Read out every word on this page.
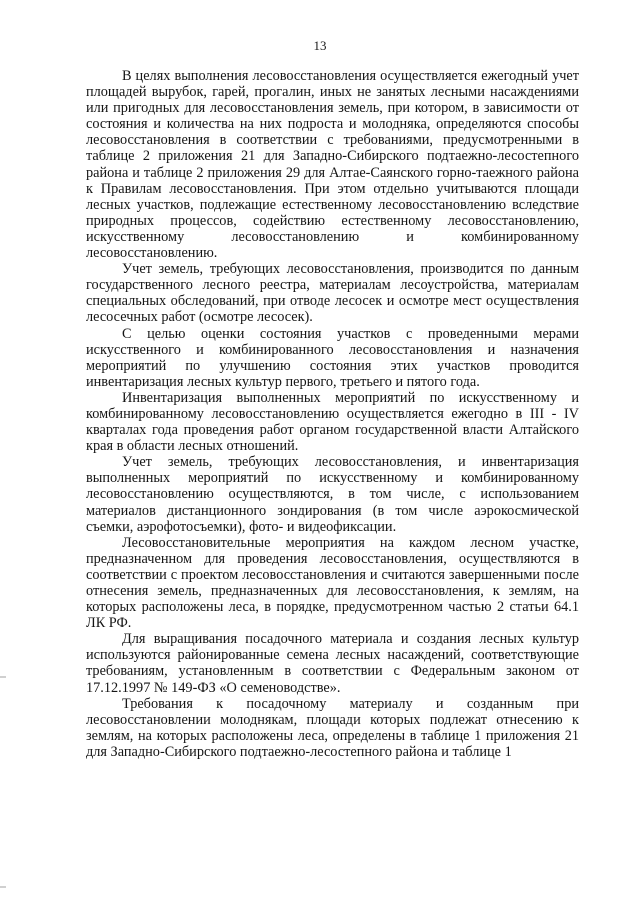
13

В целях выполнения лесовосстановления осуществляется ежегодный учет площадей вырубок, гарей, прогалин, иных не занятых лесными насаждениями или пригодных для лесовосстановления земель, при котором, в зависимости от состояния и количества на них подроста и молодняка, определяются способы лесовосстановления в соответствии с требованиями, предусмотренными в таблице 2 приложения 21 для Западно-Сибирского подтаежно-лесостепного района и таблице 2 приложения 29 для Алтае-Саянского горно-таежного района к Правилам лесовосстановления. При этом отдельно учитываются площади лесных участков, подлежащие естественному лесовосстановлению вследствие природных процессов, содействию естественному лесовосстановлению, искусственному лесовосстановлению и комбинированному лесовосстановлению.

Учет земель, требующих лесовосстановления, производится по данным государственного лесного реестра, материалам лесоустройства, материалам специальных обследований, при отводе лесосек и осмотре мест осуществления лесосечных работ (осмотре лесосек).

С целью оценки состояния участков с проведенными мерами искусственного и комбинированного лесовосстановления и назначения мероприятий по улучшению состояния этих участков проводится инвентаризация лесных культур первого, третьего и пятого года.

Инвентаризация выполненных мероприятий по искусственному и комбинированному лесовосстановлению осуществляется ежегодно в III - IV кварталах года проведения работ органом государственной власти Алтайского края в области лесных отношений.

Учет земель, требующих лесовосстановления, и инвентаризация выполненных мероприятий по искусственному и комбинированному лесовосстановлению осуществляются, в том числе, с использованием материалов дистанционного зондирования (в том числе аэрокосмической съемки, аэрофотосъемки), фото- и видеофиксации.

Лесовосстановительные мероприятия на каждом лесном участке, предназначенном для проведения лесовосстановления, осуществляются в соответствии с проектом лесовосстановления и считаются завершенными после отнесения земель, предназначенных для лесовосстановления, к землям, на которых расположены леса, в порядке, предусмотренном частью 2 статьи 64.1 ЛК РФ.

Для выращивания посадочного материала и создания лесных культур используются районированные семена лесных насаждений, соответствующие требованиям, установленным в соответствии с Федеральным законом от 17.12.1997 № 149-ФЗ «О семеноводстве».

Требования к посадочному материалу и созданным при лесовосстановлении молоднякам, площади которых подлежат отнесению к землям, на которых расположены леса, определены в таблице 1 приложения 21 для Западно-Сибирского подтаежно-лесостепного района и таблице 1
